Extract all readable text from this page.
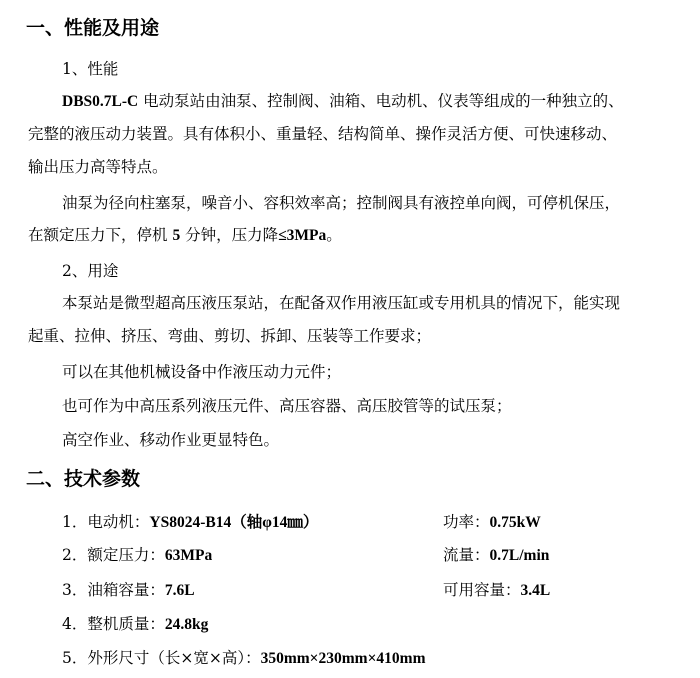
一、性能及用途
1、性能
DBS0.7L-C 电动泵站由油泵、控制阀、油箱、电动机、仪表等组成的一种独立的、
完整的液压动力装置。具有体积小、重量轻、结构简单、操作灵活方便、可快速移动、
输出压力高等特点。
油泵为径向柱塞泵，噪音小、容积效率高；控制阀具有液控单向阀，可停机保压，
在额定压力下，停机 5 分钟，压力降≤3MPa。
2、用途
本泵站是微型超高压液压泵站，在配备双作用液压缸或专用机具的情况下，能实现
起重、拉伸、挤压、弯曲、剪切、拆卸、压装等工作要求；
可以在其他机械设备中作液压动力元件；
也可作为中高压系列液压元件、高压容器、高压胶管等的试压泵；
高空作业、移动作业更显特色。
二、技术参数
1．电动机：YS8024-B14（轴φ14㎜）	功率：0.75kW
2．额定压力：63MPa	流量：0.7L/min
3．油箱容量：7.6L	可用容量：3.4L
4．整机质量：24.8kg
5．外形尺寸（长×宽×高）：350mm×230mm×410mm
